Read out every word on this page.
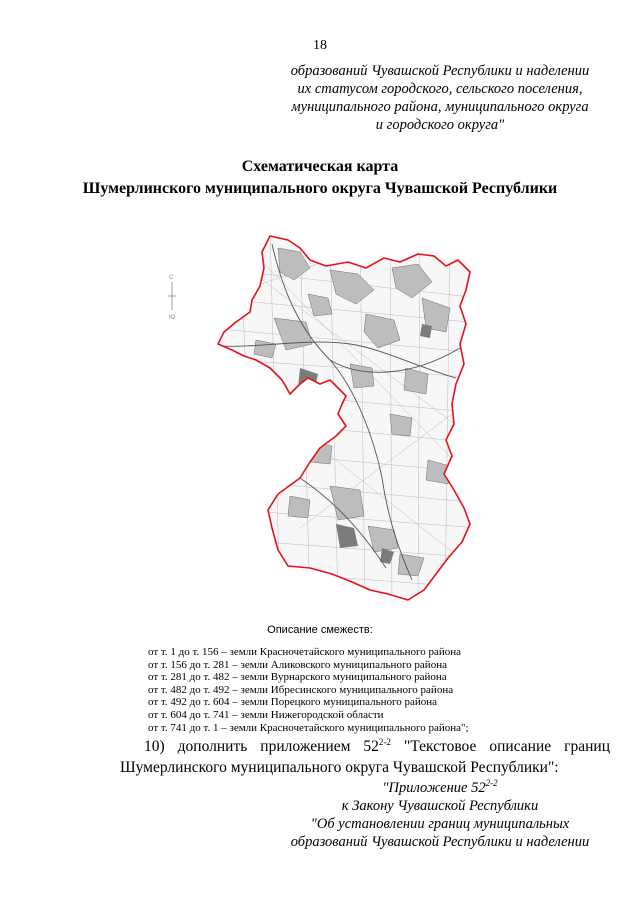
18
образований Чувашской Республики и наделении
их статусом городского, сельского поселения,
муниципального района, муниципального округа
и городского округа"
Схематическая карта
Шумерлинского муниципального округа Чувашской Республики
С
Ю
Описание смежеств:
от т. 1 до т. 156 – земли Красночетайского муниципального района
от т. 156 до т. 281 – земли Аликовского муниципального района
от т. 281 до т. 482 – земли Вурнарского муниципального района
от т. 482 до т. 492 – земли Ибресинского муниципального района
от т. 492 до т. 604 – земли Порецкого муниципального района
от т. 604 до т. 741 – земли Нижегородской области
от т. 741 до т. 1 – земли Красночетайского муниципального района";
10) дополнить приложением 52$^{2-2}$ "Текстовое описание границ Шумерлинского муниципального округа Чувашской Республики":
"Приложение 52$^{2-2}$
к Закону Чувашской Республики
"Об установлении границ муниципальных
образований Чувашской Республики и наделении
